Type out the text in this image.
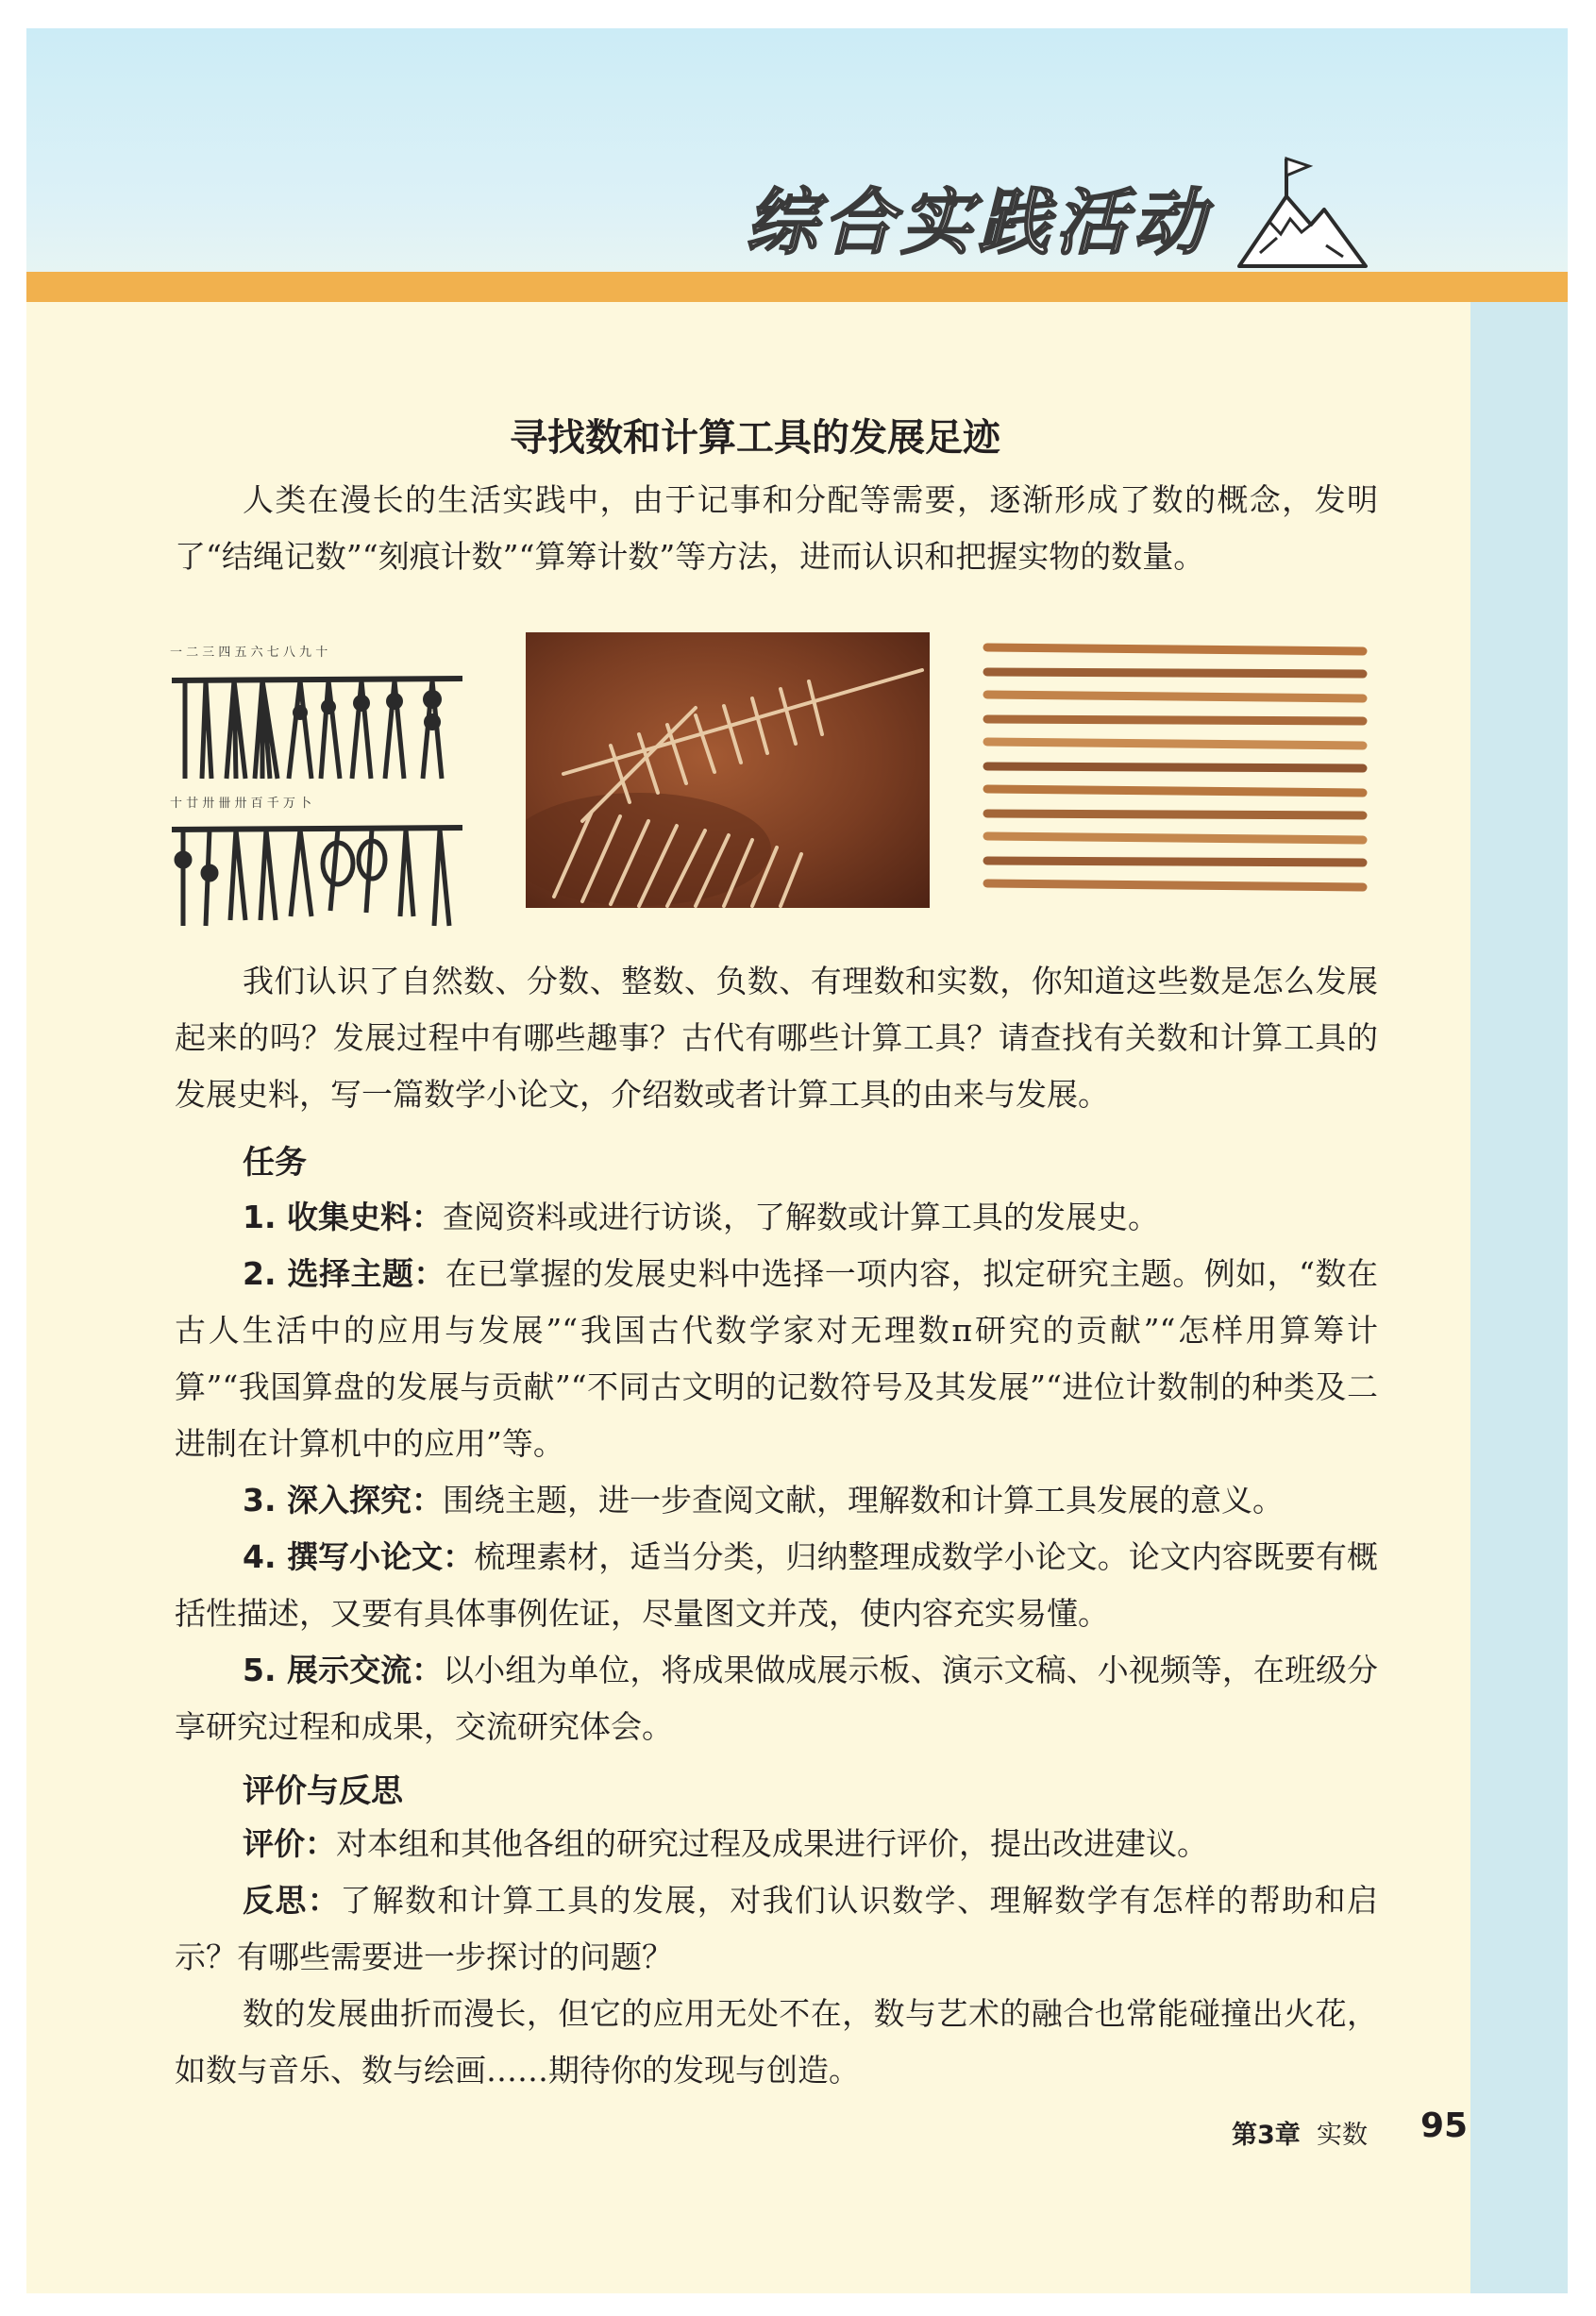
综合实践活动
寻找数和计算工具的发展足迹

人类在漫长的生活实践中，由于记事和分配等需要，逐渐形成了数的概念，发明了“结绳记数”“刻痕计数”“算筹计数”等方法，进而认识和把握实物的数量。

一 二 三 四 五 六 七 八 九 十
十 廿 卅 卌 卅 百 千 万 卜

我们认识了自然数、分数、整数、负数、有理数和实数，你知道这些数是怎么发展起来的吗？发展过程中有哪些趣事？古代有哪些计算工具？请查找有关数和计算工具的发展史料，写一篇数学小论文，介绍数或者计算工具的由来与发展。

任务

1. 收集史料：查阅资料或进行访谈，了解数或计算工具的发展史。

2. 选择主题：在已掌握的发展史料中选择一项内容，拟定研究主题。例如，“数在古人生活中的应用与发展”“我国古代数学家对无理数π研究的贡献”“怎样用算筹计算”“我国算盘的发展与贡献”“不同古文明的记数符号及其发展”“进位计数制的种类及二进制在计算机中的应用”等。

3. 深入探究：围绕主题，进一步查阅文献，理解数和计算工具发展的意义。

4. 撰写小论文：梳理素材，适当分类，归纳整理成数学小论文。论文内容既要有概括性描述，又要有具体事例佐证，尽量图文并茂，使内容充实易懂。

5. 展示交流：以小组为单位，将成果做成展示板、演示文稿、小视频等，在班级分享研究过程和成果，交流研究体会。

评价与反思

评价：对本组和其他各组的研究过程及成果进行评价，提出改进建议。

反思：了解数和计算工具的发展，对我们认识数学、理解数学有怎样的帮助和启示？有哪些需要进一步探讨的问题？

数的发展曲折而漫长，但它的应用无处不在，数与艺术的融合也常能碰撞出火花，如数与音乐、数与绘画……期待你的发现与创造。

第3章 实数 95
